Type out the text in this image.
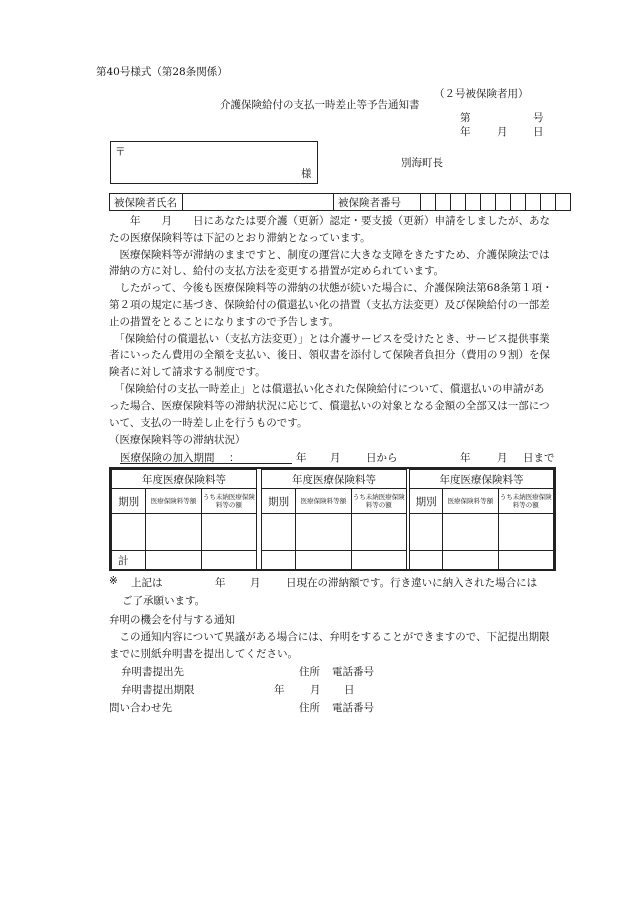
第40号様式（第28条関係）
（２号被保険者用）
介護保険給付の支払一時差止等予告通知書
第	号
年	月 日
〒
様
別海町長
被保険者氏名		被保険者番号										

　　年　　月　　日にあなたは要介護（更新）認定・要支援（更新）申請をしましたが、あなたの医療保険料等は下記のとおり滞納となっています。

　医療保険料等が滞納のままですと、制度の運営に大きな支障をきたすため、介護保険法では滞納の方に対し、給付の支払方法を変更する措置が定められています。

　したがって、今後も医療保険料等の滞納の状態が続いた場合に、介護保険法第68条第１項・第２項の規定に基づき、保険給付の償還払い化の措置（支払方法変更）及び保険給付の一部差止の措置をとることになりますので予告します。

　「保険給付の償還払い（支払方法変更）」とは介護サービスを受けたとき、サービス提供事業者にいったん費用の全額を支払い、後日、領収書を添付して保険者負担分（費用の９割）を保険者に対して請求する制度です。

　「保険給付の支払一時差止」とは償還払い化された保険給付について、償還払いの申請があった場合、医療保険料等の滞納状況に応じて、償還払いの対象となる金額の全部又は一部について、支払の一時差し止を行うものです。

（医療保険料等の滞納状況）
医療保険の加入期間 ：	年 月 日から	年	月 日まで
年度医療保険料等		
期別	医療保険料等額	うち未納医療保険料等の額

計		
年度医療保険料等		
期別	医療保険料等額	うち未納医療保険料等の額

年度医療保険料等		
期別	医療保険料等額	うち未納医療保険料等の額

※ 上記は	年 月 日現在の滞納額です。行き違いに納入された場合には
ご了承願います。
弁明の機会を付与する通知
　この通知内容について異議がある場合には、弁明をすることができますので、下記提出期限までに別紙弁明書を提出してください。
弁明書提出先	住所 電話番号
弁明書提出期限	年 月 日
問い合わせ先	住所 電話番号
